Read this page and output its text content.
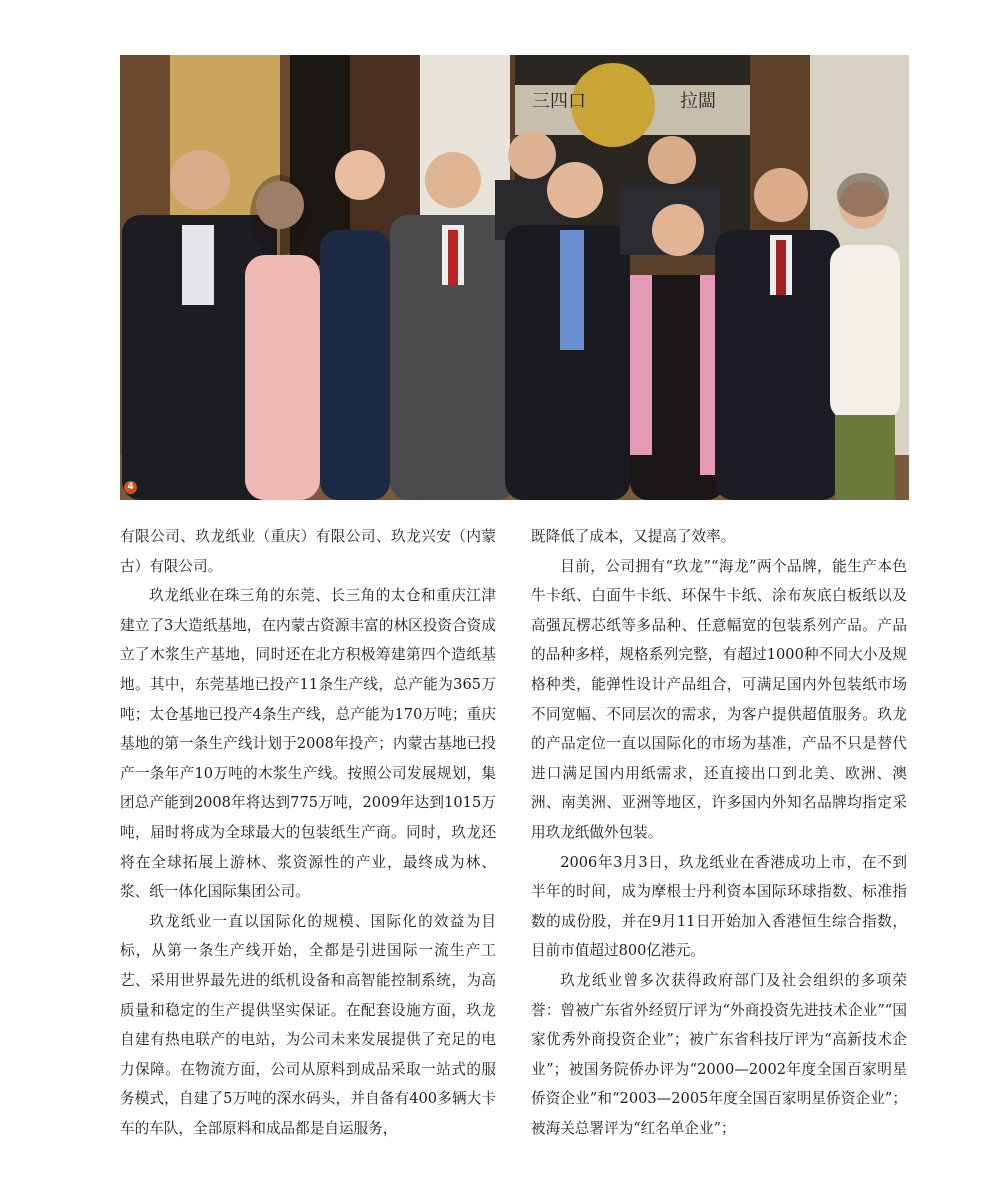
三四口	拉闆
4

有限公司、玖龙纸业（重庆）有限公司、玖龙兴安（内蒙古）有限公司。

玖龙纸业在珠三角的东莞、长三角的太仓和重庆江津建立了3大造纸基地，在内蒙古资源丰富的林区投资合资成立了木浆生产基地，同时还在北方积极筹建第四个造纸基地。其中，东莞基地已投产11条生产线，总产能为365万吨；太仓基地已投产4条生产线，总产能为170万吨；重庆基地的第一条生产线计划于2008年投产；内蒙古基地已投产一条年产10万吨的木浆生产线。按照公司发展规划，集团总产能到2008年将达到775万吨，2009年达到1015万吨，届时将成为全球最大的包装纸生产商。同时，玖龙还将在全球拓展上游林、浆资源性的产业，最终成为林、浆、纸一体化国际集团公司。

玖龙纸业一直以国际化的规模、国际化的效益为目标，从第一条生产线开始，全都是引进国际一流生产工艺、采用世界最先进的纸机设备和高智能控制系统，为高质量和稳定的生产提供坚实保证。在配套设施方面，玖龙自建有热电联产的电站，为公司未来发展提供了充足的电力保障。在物流方面，公司从原料到成品采取一站式的服务模式，自建了5万吨的深水码头，并自备有400多辆大卡车的车队，全部原料和成品都是自运服务，

既降低了成本，又提高了效率。

目前，公司拥有“玖龙”“海龙”两个品牌，能生产本色牛卡纸、白面牛卡纸、环保牛卡纸、涂布灰底白板纸以及高强瓦楞芯纸等多品种、任意幅宽的包装系列产品。产品的品种多样，规格系列完整，有超过1000种不同大小及规格种类，能弹性设计产品组合，可满足国内外包装纸市场不同宽幅、不同层次的需求，为客户提供超值服务。玖龙的产品定位一直以国际化的市场为基准，产品不只是替代进口满足国内用纸需求，还直接出口到北美、欧洲、澳洲、南美洲、亚洲等地区，许多国内外知名品牌均指定采用玖龙纸做外包装。

2006年3月3日，玖龙纸业在香港成功上市，在不到半年的时间，成为摩根士丹利资本国际环球指数、标准指数的成份股，并在9月11日开始加入香港恒生综合指数，目前市值超过800亿港元。

玖龙纸业曾多次获得政府部门及社会组织的多项荣誉：曾被广东省外经贸厅评为“外商投资先进技术企业”“国家优秀外商投资企业”；被广东省科技厅评为“高新技术企业”；被国务院侨办评为“2000—2002年度全国百家明星侨资企业”和“2003—2005年度全国百家明星侨资企业”；被海关总署评为“红名单企业”；
